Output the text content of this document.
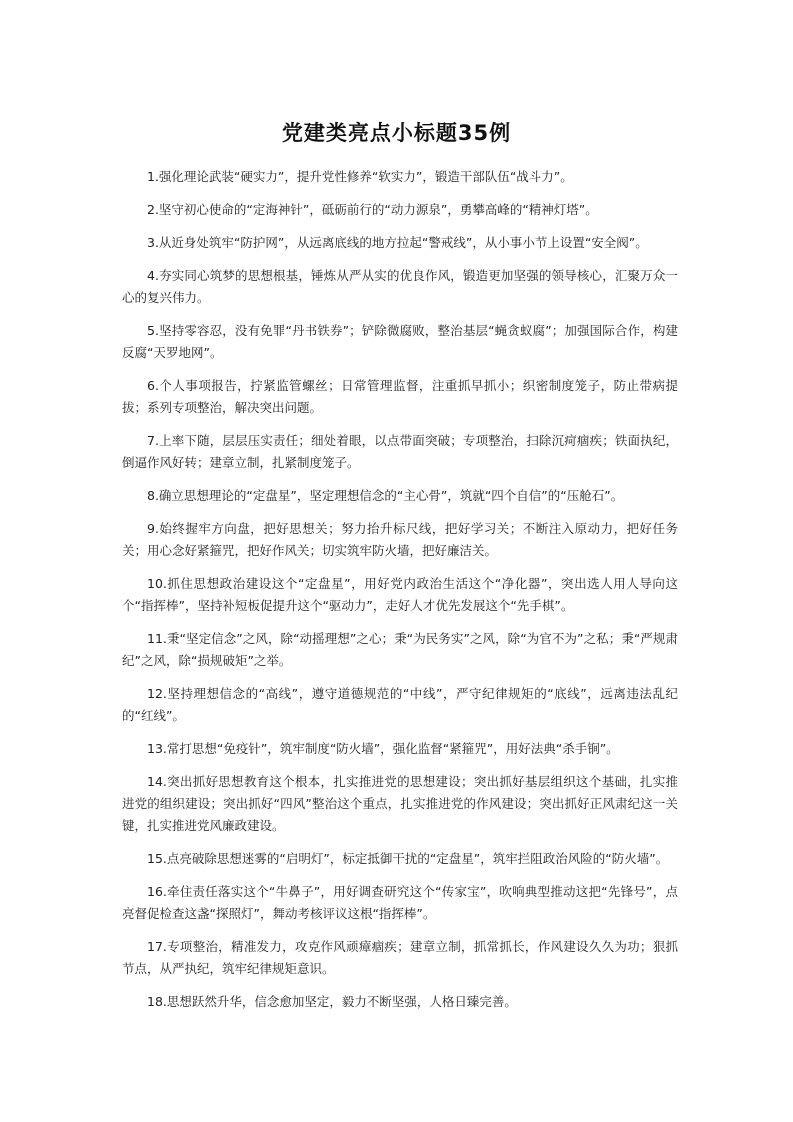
党建类亮点小标题35例

1.强化理论武装“硬实力”，提升党性修养“软实力”，锻造干部队伍“战斗力”。

2.坚守初心使命的“定海神针”，砥砺前行的“动力源泉”，勇攀高峰的“精神灯塔”。

3.从近身处筑牢“防护网”，从远离底线的地方拉起“警戒线”，从小事小节上设置“安全阀”。

4.夯实同心筑梦的思想根基，锤炼从严从实的优良作风，锻造更加坚强的领导核心，汇聚万众一心的复兴伟力。

5.坚持零容忍，没有免罪“丹书铁券”；铲除微腐败，整治基层“蝇贪蚁腐”；加强国际合作，构建反腐“天罗地网”。

6.个人事项报告，拧紧监管螺丝；日常管理监督，注重抓早抓小；织密制度笼子，防止带病提拔；系列专项整治，解决突出问题。

7.上率下随，层层压实责任；细处着眼，以点带面突破；专项整治，扫除沉疴痼疾；铁面执纪，倒逼作风好转；建章立制，扎紧制度笼子。

8.确立思想理论的“定盘星”，坚定理想信念的“主心骨”，筑就“四个自信”的“压舱石”。

9.始终握牢方向盘，把好思想关；努力抬升标尺线，把好学习关；不断注入原动力，把好任务关；用心念好紧箍咒，把好作风关；切实筑牢防火墙，把好廉洁关。

10.抓住思想政治建设这个“定盘星”，用好党内政治生活这个“净化器”，突出选人用人导向这个“指挥棒”，坚持补短板促提升这个“驱动力”，走好人才优先发展这个“先手棋”。

11.秉“坚定信念”之风，除“动摇理想”之心；秉“为民务实”之风，除“为官不为”之私；秉“严规肃纪”之风，除“损规破矩”之举。

12.坚持理想信念的“高线”，遵守道德规范的“中线”，严守纪律规矩的“底线”，远离违法乱纪的“红线”。

13.常打思想“免疫针”，筑牢制度“防火墙”，强化监督“紧箍咒”，用好法典“杀手锏”。

14.突出抓好思想教育这个根本，扎实推进党的思想建设；突出抓好基层组织这个基础，扎实推进党的组织建设；突出抓好“四风”整治这个重点，扎实推进党的作风建设；突出抓好正风肃纪这一关键，扎实推进党风廉政建设。

15.点亮破除思想迷雾的“启明灯”，标定抵御干扰的“定盘星”，筑牢拦阻政治风险的“防火墙”。

16.牵住责任落实这个“牛鼻子”，用好调查研究这个“传家宝”，吹响典型推动这把“先锋号”，点亮督促检查这盏“探照灯”，舞动考核评议这根“指挥棒”。

17.专项整治，精准发力，攻克作风顽瘴痼疾；建章立制，抓常抓长，作风建设久久为功；狠抓节点，从严执纪，筑牢纪律规矩意识。

18.思想跃然升华，信念愈加坚定，毅力不断坚强，人格日臻完善。
